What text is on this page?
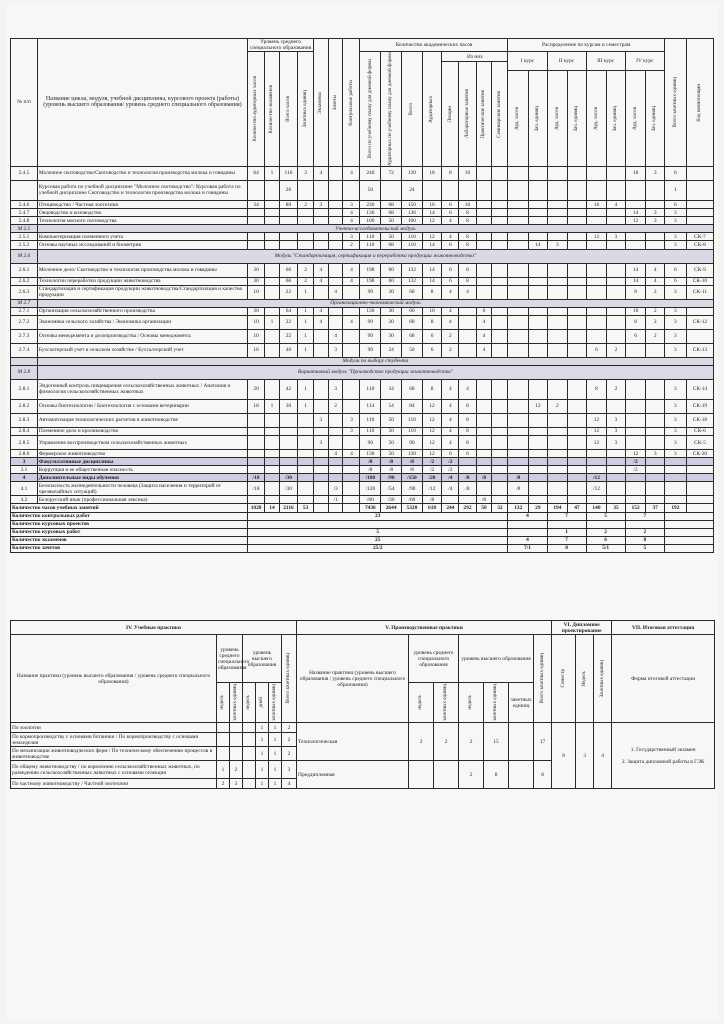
№ п/п	Название цикла, модуля, учебной дисциплины, курсового проекта (работы) (уровень высшего образования/ уровень среднего специального образования)	Уровень среднего специального образования				Экзамены	Зачеты	Контрольные работы	Количество академических часов								Распределение по курсам и семестрам								Всего зачетных единиц	Код компетенции

		Количество аудиторных часов	Количество экзаменов	Всего часов	Зачетных единиц				Всего по учебному плану для дневной формы	Аудиторных по учебному плану для дневной формы	Всего	Аудиторных	Из них				I курс		II курс		III курс		IV курс			

													Лекции	Лабораторные занятия	Практические занятия	Семинарские занятия										

																	Ауд. часов	Зач. единиц	Ауд. часов	Зач. единиц	Ауд. часов	Зач. единиц	Ауд. часов	Зач. единиц		

2.4.5	Молочное скотоводство/Скотоводство и технология производства молока и говядины	64	1	116	3	4		4	246	72	130	18	8	10									18	3	6	
	Курсовая работа по учебной дисциплине "Молочное скотоводство"/ Курсовая работа по учебной дисциплине Скотоводство и технология производства молока и говядины			26					50		24														1	
2.4.6	Птицеводство / Частная зоотехния	34		80	2	3		3	230	68	150	16	6	10							16	4			6	
2.4.7	Овцеводство и козоводство							4	136	68	136	14	6	8									14	3	3	
2.4.8	Технология мясного скотоводства							4	100	50	100	12	4	8									12	3	3	
М 2.5	Учетно-исследовательский модуль																									
2.5.1	Компьютеризация племенного учета							3	110	50	110	12	4	8							12	3			3	СК-7
2.5.2	Основы научных исследований и биометрия							2	110	68	110	14	6	8				14	3						3	СК-8
М 2.6	Модуль "Стандартизация, сертификация и переработка продукции животноводства"																									
2.6.1	Молочное дело/ Скотоводство и технология производства молока и говядины	30		66	2	4		4	198	60	132	14	6	8									14	4	6	СК-9
2.6.2	Технологии переработки продукции животноводства	30		66	2	4		4	198	60	132	14	6	8									14	4	6	СК-10
2.6.3	Стандартизация и сертификация продукции животноводства/Стандартизация и качество продукции	10		22	1		4		90	30	68	8	4	4									8	2	3	СК-11
М 2.7	Организационно-экономический модуль																									
2.7.1	Организация сельскохозяйственного производства	30		64	1	4			130	30	66	10	4		6								10	2	3	
2.7.2	Экономика сельского хозяйства / Экономика организации	10	1	22	1	4		4	90	30	68	8	4		4								8	2	3	СК-12
2.7.3	Основы менеджмента и делопроизводства / Основы менеджмента	10		22	1		4		90	30	68	6	2		4								6	2	3	
2.7.4	Бухгалтерский учет в сельском хозяйстве / Бухгалтерский учет	16		40	1		3		90	24	50	6	2		4						6	2			3	СК-13
	Модули по выбору студента																									
М 2.8	Вариативный модуль "Производство продукции животноводства"																									
2.8.1	Эндогенный контроль пищеварения сельскохозяйственных животных / Анатомия и физиология сельскохозяйственных животных	20		42	1		3		110	34	68	8	4	4							8	2			3	СК-14
2.8.2	Основы биотехнологии / Биотехнология с основами ветеринарии	18	1	30	1		2		114	54	84	12	4	8				12	2						3	СК-19
2.8.3	Автоматизация технологических расчетов в животноводстве					3		3	110	50	110	12	4	8							12	3			3	СК-18
2.8.4	Племенное дело и кролиководство							3	110	50	110	12	4	8							12	3			3	СК-6
2.8.5	Управление воспроизводством сельскохозяйственных животных					3			90	50	90	12	4	8							12	3			3	СК-5
2.8.6	Фермерское животноводство						4	4	130	50	130	12	6	6									12	3	3	СК-20
3	Факультативные дисциплины								/8	/8	/8	/2	/2										/2			
3.1	Коррупция и ее общественная опасность								/8	/8	/8	/2	/2										/2			
4	Дополнительные виды обучения	/18		/30					/180	/90	/150	/20	/4	/8	/8		/8				/12					
4.1	Безопасность жизнедеятельности человека (Защита населения и территорий от чрезвычайных ситуаций)	/18		/30			/3		/120	/54	/90	/12	/4	/8			/8				/12					
4.2	Белорусский язык (профессиональная лексика)						/1		/60	/36	/60	/8			/8											
Количество часов учебных занятий		1028	14	2116	53				7436	2644	5320	618	244	292	50	32	132	29	194	47	140	35	152	37	192	
Количество контрольных работ		23															4		7		5		7			
Количество курсовых проектов																										
Количество курсовых работ		5																	1		2		2			
Количество экзаменов		25															4		7		6		8			
Количество зачетов		25/2															7/1		8		5/1		5			
IV. Учебные практики							V. Производственные практики							VI. Дипломное проектирование			VII. Итоговая аттестация
Название практики (уровень высшего образования / уровень среднего специального образования)	уровень среднего специального образования		уровень высшего образования			Всего зачетных единиц	Название практики (уровень высшего образования / уровень среднего специального образования)	уровень среднего специального образования		уровень высшего образования			Всего зачетных единиц	Семестр	Недель	Зачетных единиц	Форма итоговой аттестации

	недель	зачетных единиц	недель	дней	зачетных единиц			недель	зачетных единиц	недель	зачетных единиц	зачетных единиц					
По зоологии				1	1	2	Технологическая	2	2	2	15		17	8	3	4	1. Государственный экзамен

2. Защита дипломной работы в ГЭК

По кормопроизводству с основами ботаники / По кормопроизводству с основами земледелия				1	1	2											
По механизации животноводческих ферм / По техническому обеспечению процессов в животноводстве				1	1	2											
По общему животноводству / по кормлению сельскохозяйственных животных, по разведению сельскохозяйственных животных с основами селекции	1	2		1	1	3	Преддипломная			2	8		8				
По частному животноводству / Частной зоотехнии	2	3		1	1	4											
